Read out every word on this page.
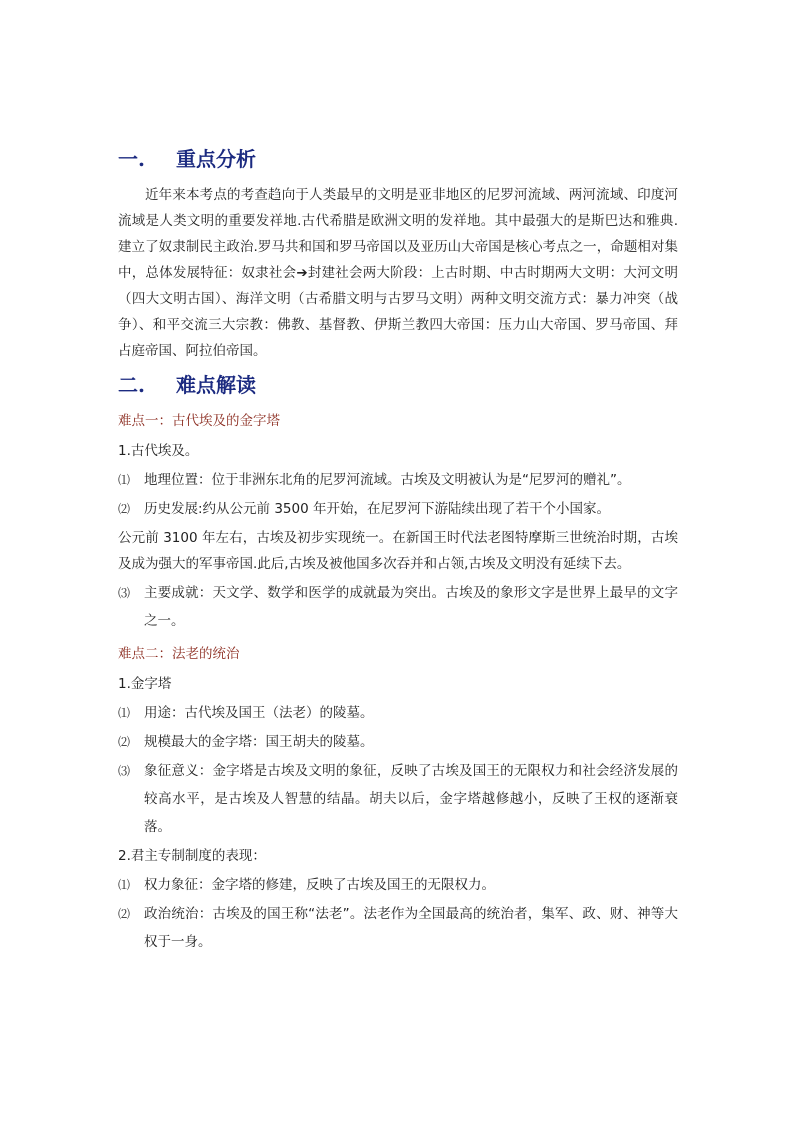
一.	重点分析

近年来本考点的考查趋向于人类最早的文明是亚非地区的尼罗河流域、两河流域、印度河流域是人类文明的重要发祥地.古代希腊是欧洲文明的发祥地。其中最强大的是斯巴达和雅典.建立了奴隶制民主政治.罗马共和国和罗马帝国以及亚历山大帝国是核心考点之一，命题相对集中，总体发展特征：奴隶社会➔封建社会两大阶段：上古时期、中古时期两大文明：大河文明（四大文明古国）、海洋文明（古希腊文明与古罗马文明）两种文明交流方式：暴力冲突（战争）、和平交流三大宗教：佛教、基督教、伊斯兰教四大帝国：压力山大帝国、罗马帝国、拜占庭帝国、阿拉伯帝国。

二.	难点解读
难点一：古代埃及的金字塔
1.古代埃及。
⑴	地理位置：位于非洲东北角的尼罗河流域。古埃及文明被认为是“尼罗河的赠礼”。
⑵	历史发展:约从公元前 3500 年开始，在尼罗河下游陆续出现了若干个小国家。
公元前 3100 年左右，古埃及初步实现统一。在新国王时代法老图特摩斯三世统治时期，古埃及成为强大的军事帝国.此后,古埃及被他国多次吞并和占领,古埃及文明没有延续下去。
⑶	主要成就：天文学、数学和医学的成就最为突出。古埃及的象形文字是世界上最早的文字之一。
难点二：法老的统治
1.金字塔
⑴	用途：古代埃及国王（法老）的陵墓。
⑵	规模最大的金字塔：国王胡夫的陵墓。
⑶	象征意义：金字塔是古埃及文明的象征，反映了古埃及国王的无限权力和社会经济发展的较高水平，是古埃及人智慧的结晶。胡夫以后，金字塔越修越小，反映了王权的逐渐衰落。
2.君主专制制度的表现：
⑴	权力象征：金字塔的修建，反映了古埃及国王的无限权力。
⑵	政治统治：古埃及的国王称“法老”。法老作为全国最高的统治者，集军、政、财、神等大权于一身。
